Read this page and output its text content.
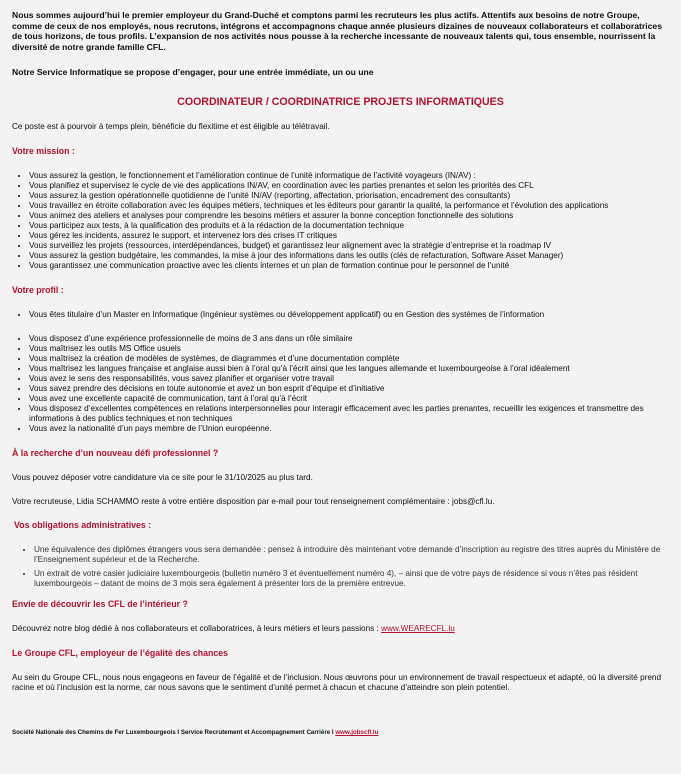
Nous sommes aujourd’hui le premier employeur du Grand-Duché et comptons parmi les recruteurs les plus actifs. Attentifs aux besoins de notre Groupe, comme de ceux de nos employés, nous recrutons, intégrons et accompagnons chaque année plusieurs dizaines de nouveaux collaborateurs et collaboratrices de tous horizons, de tous profils. L’expansion de nos activités nous pousse à la recherche incessante de nouveaux talents qui, tous ensemble, nourrissent la diversité de notre grande famille CFL.

Notre Service Informatique se propose d’engager, pour une entrée immédiate, un ou une

COORDINATEUR / COORDINATRICE PROJETS INFORMATIQUES

Ce poste est à pourvoir à temps plein, bénéficie du flexitime et est éligible au télétravail.

Votre mission :

• Vous assurez la gestion, le fonctionnement et l’amélioration continue de l’unité informatique de l’activité voyageurs (IN/AV) :
• Vous planifiez et supervisez le cycle de vie des applications IN/AV, en coordination avec les parties prenantes et selon les priorités des CFL
• Vous assurez la gestion opérationnelle quotidienne de l’unité IN/AV (reporting, affectation, priorisation, encadrement des consultants)
• Vous travaillez en étroite collaboration avec les équipes métiers, techniques et les éditeurs pour garantir la qualité, la performance et l’évolution des applications
• Vous animez des ateliers et analyses pour comprendre les besoins métiers et assurer la bonne conception fonctionnelle des solutions
• Vous participez aux tests, à la qualification des produits et à la rédaction de la documentation technique
• Vous gérez les incidents, assurez le support, et intervenez lors des crises IT critiques
• Vous surveillez les projets (ressources, interdépendances, budget) et garantissez leur alignement avec la stratégie d’entreprise et la roadmap IV
• Vous assurez la gestion budgétaire, les commandes, la mise à jour des informations dans les outils (clés de refacturation, Software Asset Manager)
• Vous garantissez une communication proactive avec les clients internes et un plan de formation continue pour le personnel de l’unité

Votre profil :

• Vous êtes titulaire d’un Master en Informatique (Ingénieur systèmes ou développement applicatif) ou en Gestion des systèmes de l’information
• Vous disposez d’une expérience professionnelle de moins de 3 ans dans un rôle similaire
• Vous maîtrisez les outils MS Office usuels
• Vous maîtrisez la création de modèles de systèmes, de diagrammes et d’une documentation complète
• Vous maîtrisez les langues française et anglaise aussi bien à l’oral qu’à l’écrit ainsi que les langues allemande et luxembourgeoise à l’oral idéalement
• Vous avez le sens des responsabilités, vous savez planifier et organiser votre travail
• Vous savez prendre des décisions en toute autonomie et avez un bon esprit d’équipe et d’initiative
• Vous avez une excellente capacité de communication, tant à l’oral qu’à l’écrit
• Vous disposez d’excellentes compétences en relations interpersonnelles pour interagir efficacement avec les parties prenantes, recueillir les exigences et transmettre des informations à des publics techniques et non techniques
• Vous avez la nationalité d’un pays membre de l’Union européenne.

À la recherche d’un nouveau défi professionnel ?

Vous pouvez déposer votre candidature via ce site pour le 31/10/2025 au plus tard.

Votre recruteuse, Lidia SCHAMMO reste à votre entière disposition par e-mail pour tout renseignement complémentaire : jobs@cfl.lu.

Vos obligations administratives :

• Une équivalence des diplômes étrangers vous sera demandée : pensez à introduire dès maintenant votre demande d’inscription au registre des titres auprès du Ministère de l’Enseignement supérieur et de la Recherche.
• Un extrait de votre casier judiciaire luxembourgeois (bulletin numéro 3 et éventuellement numéro 4), – ainsi que de votre pays de résidence si vous n’êtes pas résident luxembourgeois – datant de moins de 3 mois sera également à présenter lors de la première entrevue.

Envie de découvrir les CFL de l’intérieur ?

Découvrez notre blog dédié à nos collaborateurs et collaboratrices, à leurs métiers et leurs passions : www.WEARECFL.lu

Le Groupe CFL, employeur de l’égalité des chances

Au sein du Groupe CFL, nous nous engageons en faveur de l’égalité et de l’inclusion. Nous œuvrons pour un environnement de travail respectueux et adapté, où la diversité prend racine et où l’inclusion est la norme, car nous savons que le sentiment d’unité permet à chacun et chacune d’atteindre son plein potentiel.

Société Nationale des Chemins de Fer Luxembourgeois I Service Recrutement et Accompagnement Carrière I www.jobscfl.lu
